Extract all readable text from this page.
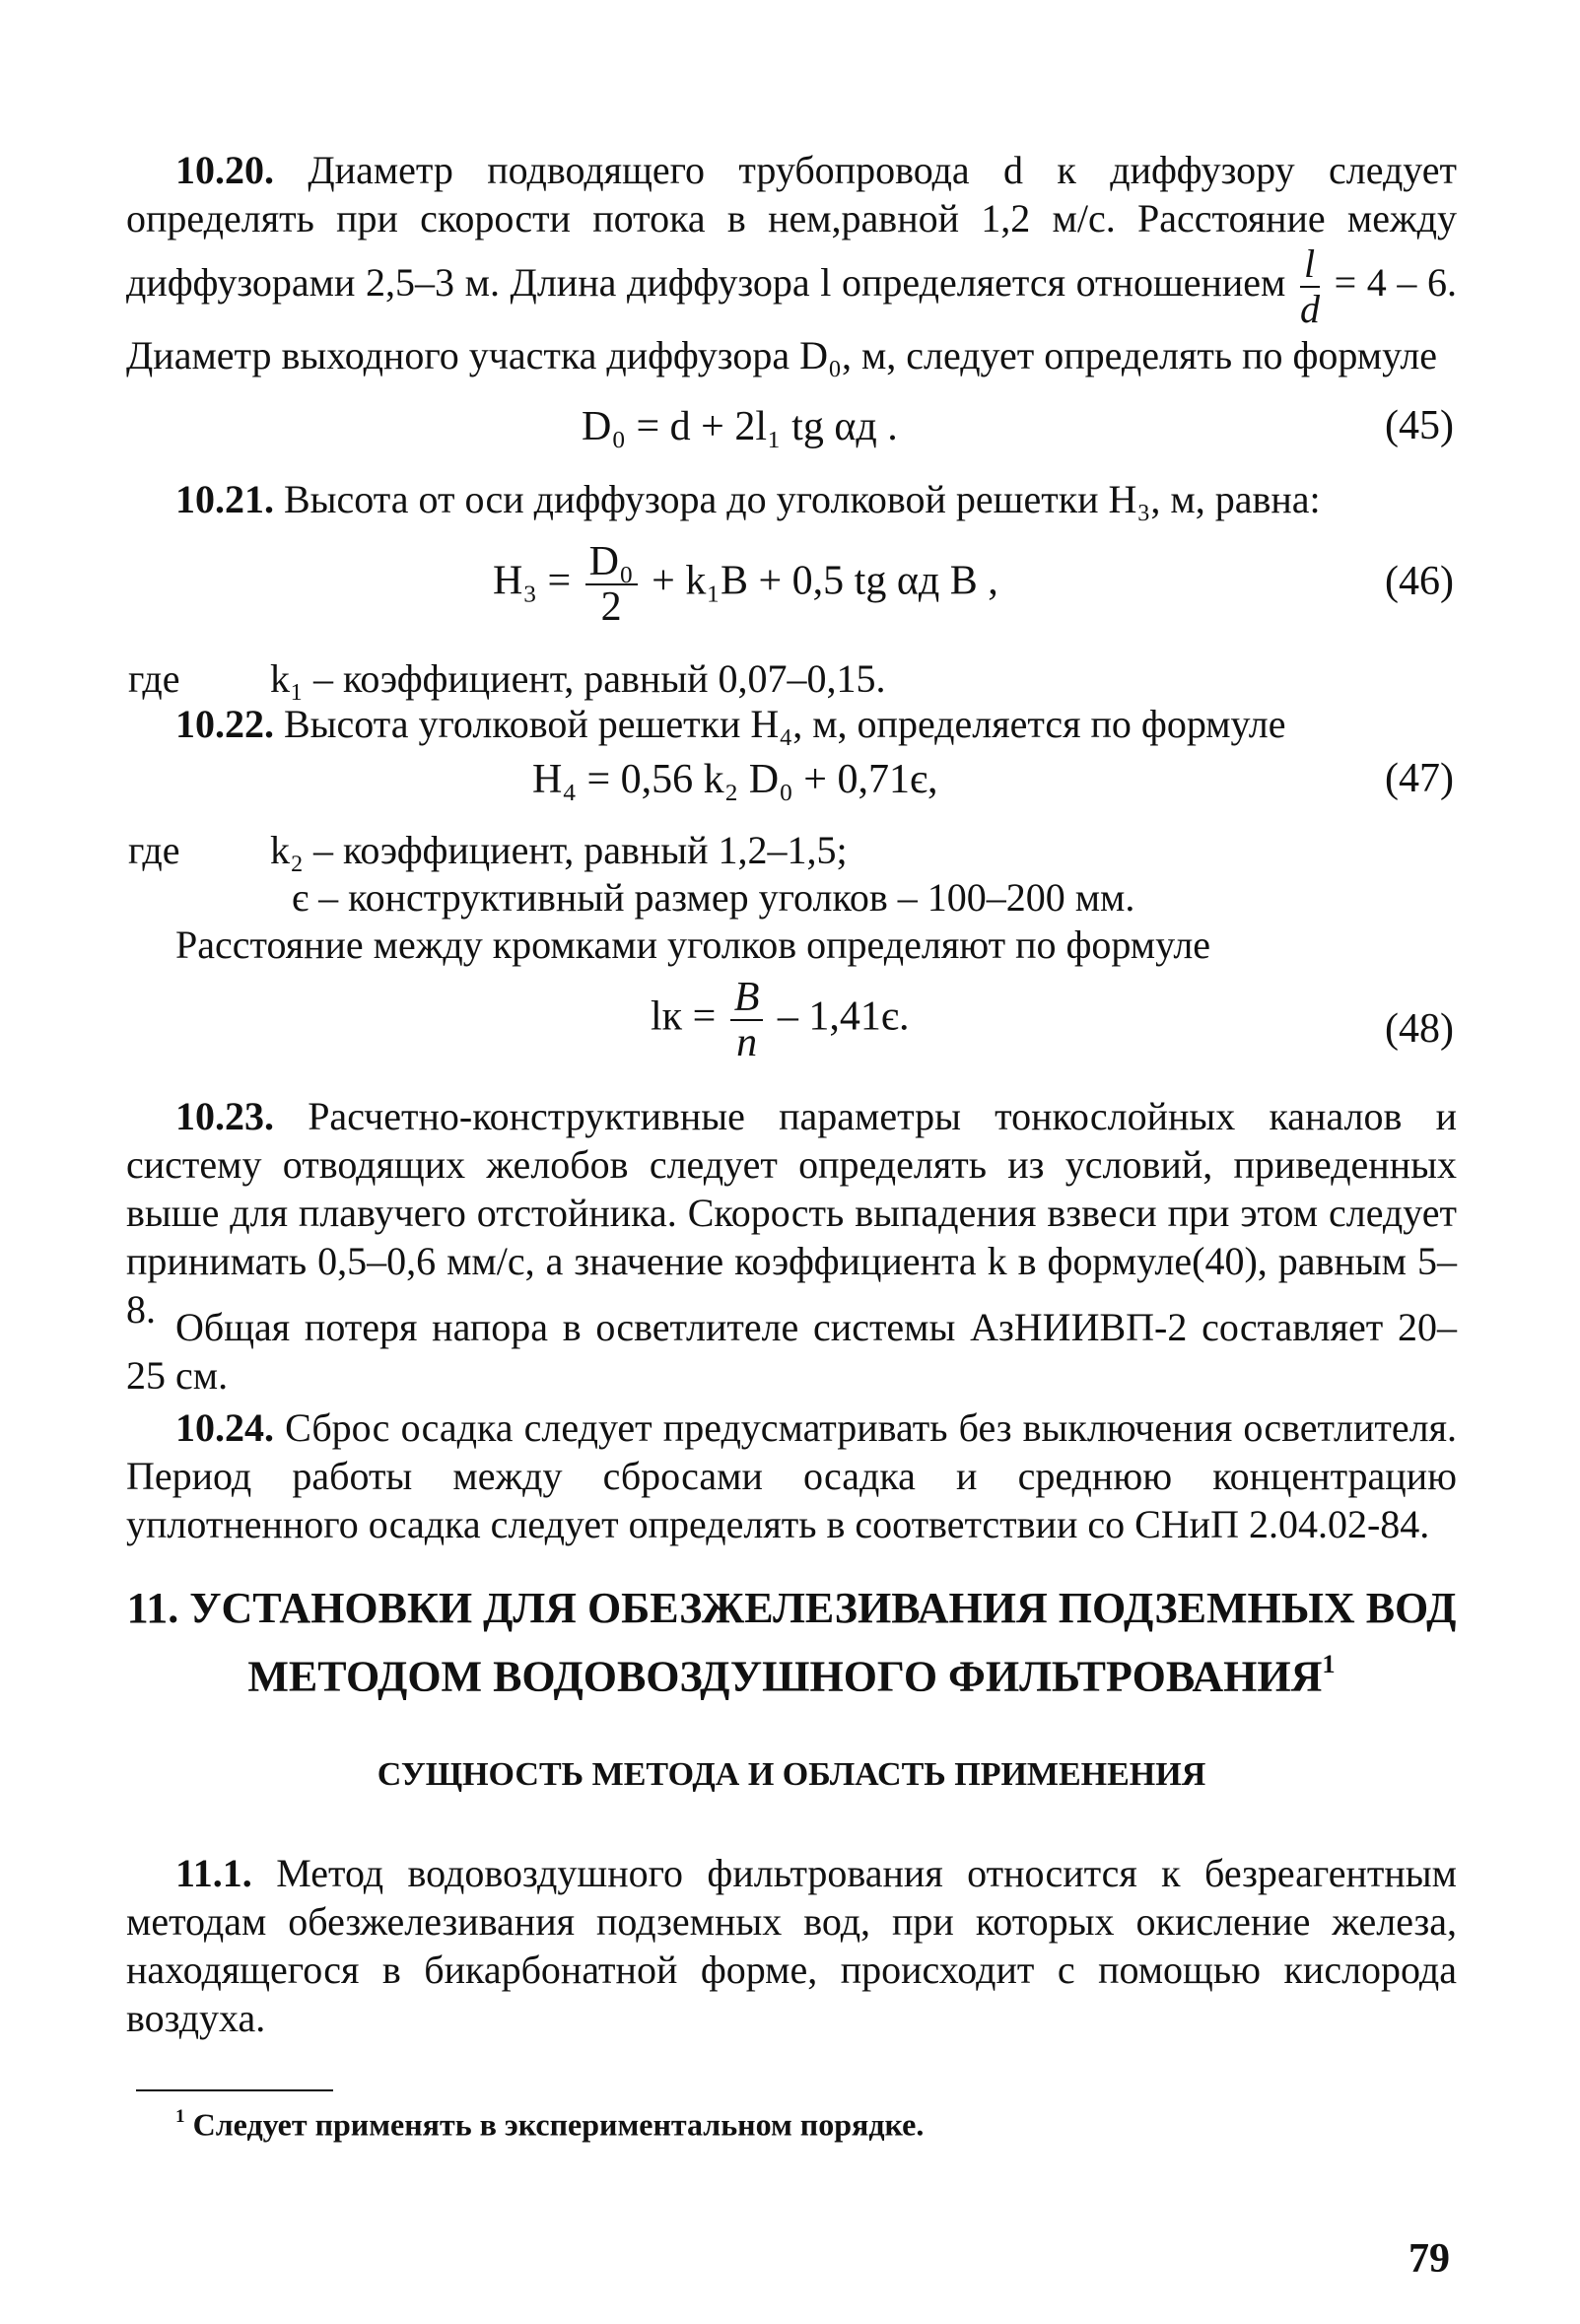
10.20. Диаметр подводящего трубопровода d к диффузору следует определять при скорости потока в нем,равной 1,2 м/с. Расстояние между диффузорами 2,5–3 м. Длина диффузора l определяется отношением $\frac{l}{d} = 4 - 6$. Диаметр выходного участка диффузора D₀, м, следует определять по формуле

D₀ = d + 2l₁ tg αд .	(45)

10.21. Высота от оси диффузора до уголковой решетки H₃, м, равна:

$H_3 = \frac{\text{D₀}}{2} + k_1B + 0,5$ tg αд B ,	(46)
где k₁ – коэффициент, равный 0,07–0,15.

10.22. Высота уголковой решетки H₄, м, определяется по формуле

H₄ = 0,56 k₂ D₀ + 0,71є,	(47)
где k₂ – коэффициент, равный 1,2–1,5;
є – конструктивный размер уголков – 100–200 мм.

Расстояние между кромками уголков определяют по формуле

lк = $\frac{B}{n} - 1,41є$.	(48)

10.23. Расчетно-конструктивные параметры тонкослойных каналов и систему отводящих желобов следует определять из условий, приведенных выше для плавучего отстойника. Скорость выпадения взвеси при этом следует принимать 0,5–0,6 мм/с, а значение коэффициента k в формуле(40), равным 5–8. Общая потеря напора в осветлителе системы АзНИИВП-2 составляет 20–25 см.

10.24. Сброс осадка следует предусматривать без выключения осветлителя. Период работы между сбросами осадка и среднюю концентрацию уплотненного осадка следует определять в соответствии со СНиП 2.04.02-84.

11. УСТАНОВКИ ДЛЯ ОБЕЗЖЕЛЕЗИВАНИЯ ПОДЗЕМНЫХ ВОД
МЕТОДОМ ВОДОВОЗДУШНОГО ФИЛЬТРОВАНИЯ$^1$
СУЩНОСТЬ МЕТОДА И ОБЛАСТЬ ПРИМЕНЕНИЯ

11.1. Метод водовоздушного фильтрования относится к безреагентным методам обезжелезивания подземных вод, при которых окисление железа, находящегося в бикарбонатной форме, происходит с помощью кислорода воздуха.

$^1$ Следует применять в экспериментальном порядке.
79
